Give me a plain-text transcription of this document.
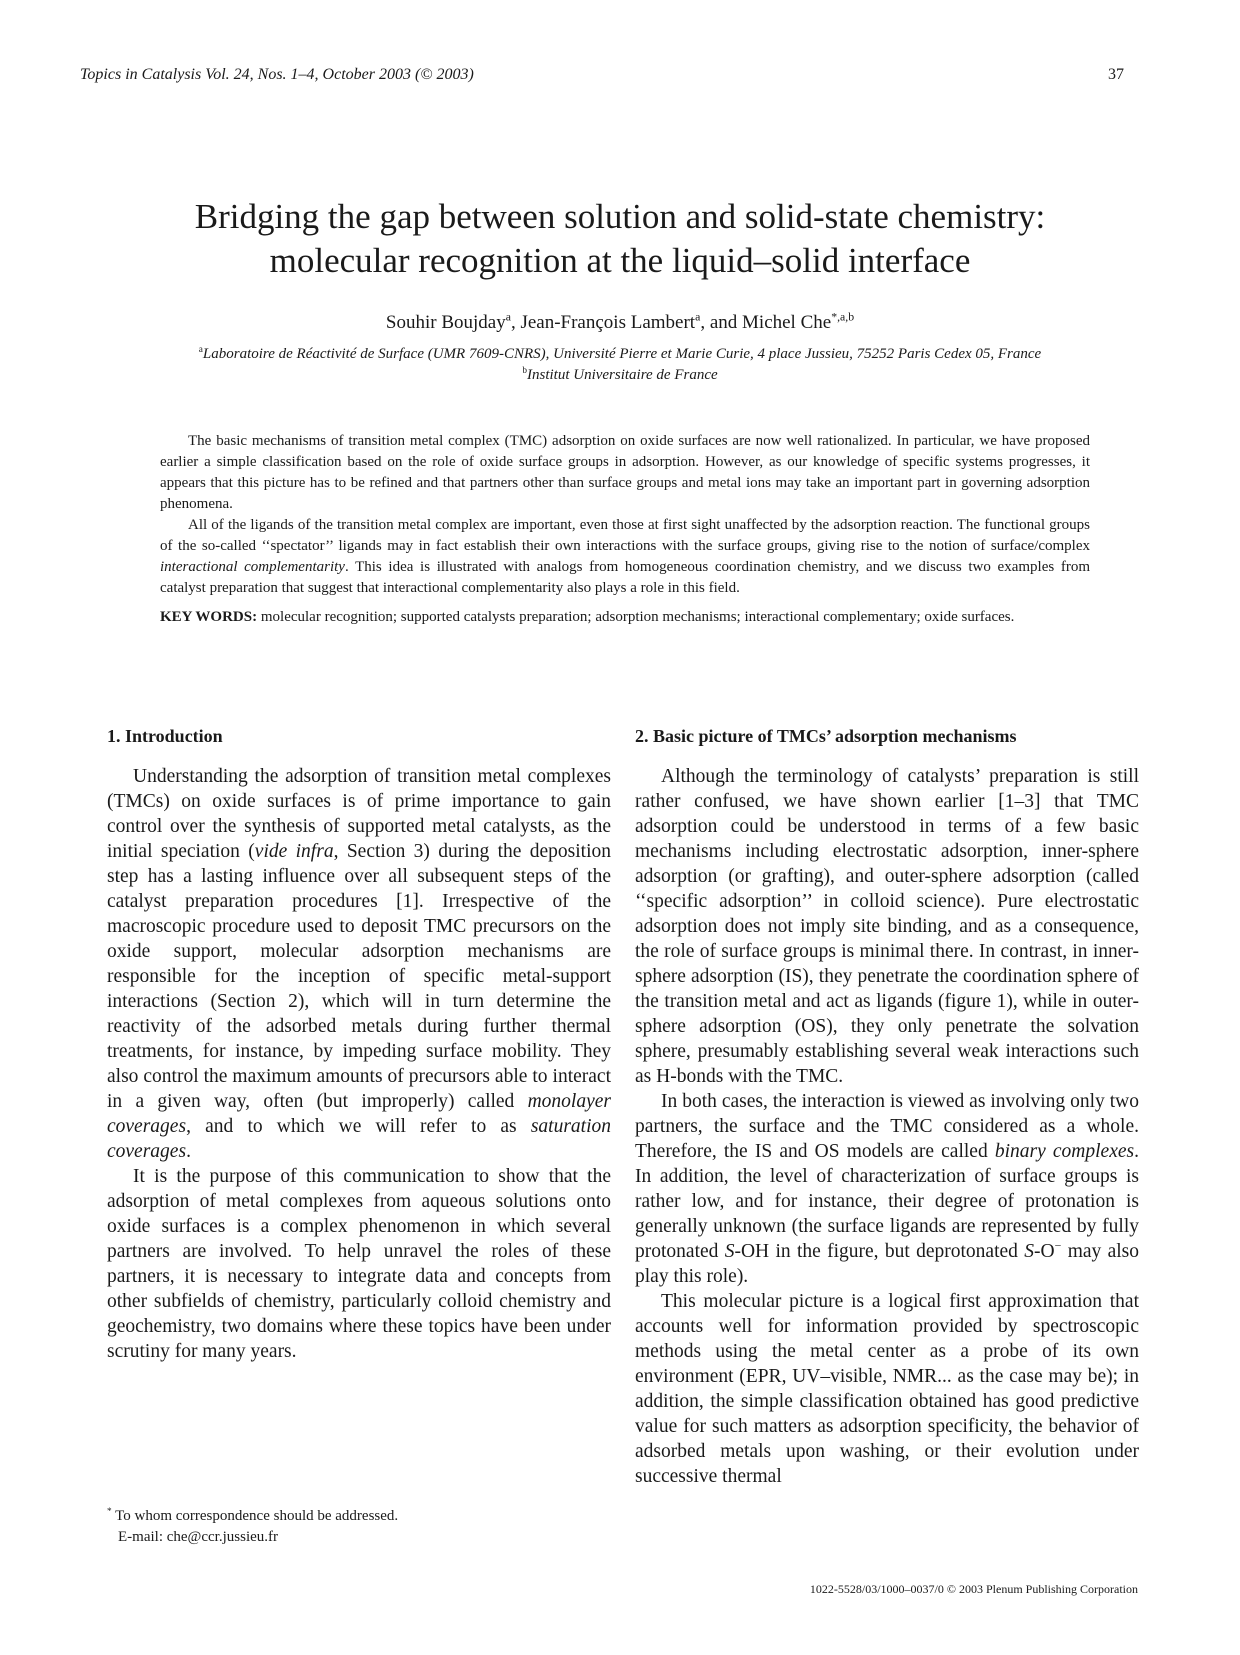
Topics in Catalysis Vol. 24, Nos. 1–4, October 2003 (© 2003)	37
Bridging the gap between solution and solid-state chemistry:
molecular recognition at the liquid–solid interface
Souhir Boujday$^a$, Jean-François Lambert$^a$, and Michel Che$^{*,a,b}$
$^a$Laboratoire de Réactivité de Surface (UMR 7609-CNRS), Université Pierre et Marie Curie, 4 place Jussieu, 75252 Paris Cedex 05, France
$^b$Institut Universitaire de France

The basic mechanisms of transition metal complex (TMC) adsorption on oxide surfaces are now well rationalized. In particular, we have proposed earlier a simple classification based on the role of oxide surface groups in adsorption. However, as our knowledge of specific systems progresses, it appears that this picture has to be refined and that partners other than surface groups and metal ions may take an important part in governing adsorption phenomena.

All of the ligands of the transition metal complex are important, even those at first sight unaffected by the adsorption reaction. The functional groups of the so-called ‘‘spectator’’ ligands may in fact establish their own interactions with the surface groups, giving rise to the notion of surface/complex interactional complementarity. This idea is illustrated with analogs from homogeneous coordination chemistry, and we discuss two examples from catalyst preparation that suggest that interactional complementarity also plays a role in this field.

KEY WORDS: molecular recognition; supported catalysts preparation; adsorption mechanisms; interactional complementary; oxide surfaces.

1. Introduction

Understanding the adsorption of transition metal complexes (TMCs) on oxide surfaces is of prime importance to gain control over the synthesis of supported metal catalysts, as the initial speciation (vide infra, Section 3) during the deposition step has a lasting influence over all subsequent steps of the catalyst preparation procedures [1]. Irrespective of the macroscopic procedure used to deposit TMC precursors on the oxide support, molecular adsorption mechanisms are responsible for the inception of specific metal-support interactions (Section 2), which will in turn determine the reactivity of the adsorbed metals during further thermal treatments, for instance, by impeding surface mobility. They also control the maximum amounts of precursors able to interact in a given way, often (but improperly) called monolayer coverages, and to which we will refer to as saturation coverages.

It is the purpose of this communication to show that the adsorption of metal complexes from aqueous solutions onto oxide surfaces is a complex phenomenon in which several partners are involved. To help unravel the roles of these partners, it is necessary to integrate data and concepts from other subfields of chemistry, particularly colloid chemistry and geochemistry, two domains where these topics have been under scrutiny for many years.

2. Basic picture of TMCs’ adsorption mechanisms

Although the terminology of catalysts’ preparation is still rather confused, we have shown earlier [1–3] that TMC adsorption could be understood in terms of a few basic mechanisms including electrostatic adsorption, inner-sphere adsorption (or grafting), and outer-sphere adsorption (called ‘‘specific adsorption’’ in colloid science). Pure electrostatic adsorption does not imply site binding, and as a consequence, the role of surface groups is minimal there. In contrast, in inner-sphere adsorption (IS), they penetrate the coordination sphere of the transition metal and act as ligands (figure 1), while in outer-sphere adsorption (OS), they only penetrate the solvation sphere, presumably establishing several weak interactions such as H-bonds with the TMC.

In both cases, the interaction is viewed as involving only two partners, the surface and the TMC considered as a whole. Therefore, the IS and OS models are called binary complexes. In addition, the level of characterization of surface groups is rather low, and for instance, their degree of protonation is generally unknown (the surface ligands are represented by fully protonated S-OH in the figure, but deprotonated S-O− may also play this role).

This molecular picture is a logical first approximation that accounts well for information provided by spectroscopic methods using the metal center as a probe of its own environment (EPR, UV–visible, NMR... as the case may be); in addition, the simple classification obtained has good predictive value for such matters as adsorption specificity, the behavior of adsorbed metals upon washing, or their evolution under successive thermal

* To whom correspondence should be addressed.
E-mail: che@ccr.jussieu.fr
1022-5528/03/1000–0037/0 © 2003 Plenum Publishing Corporation
